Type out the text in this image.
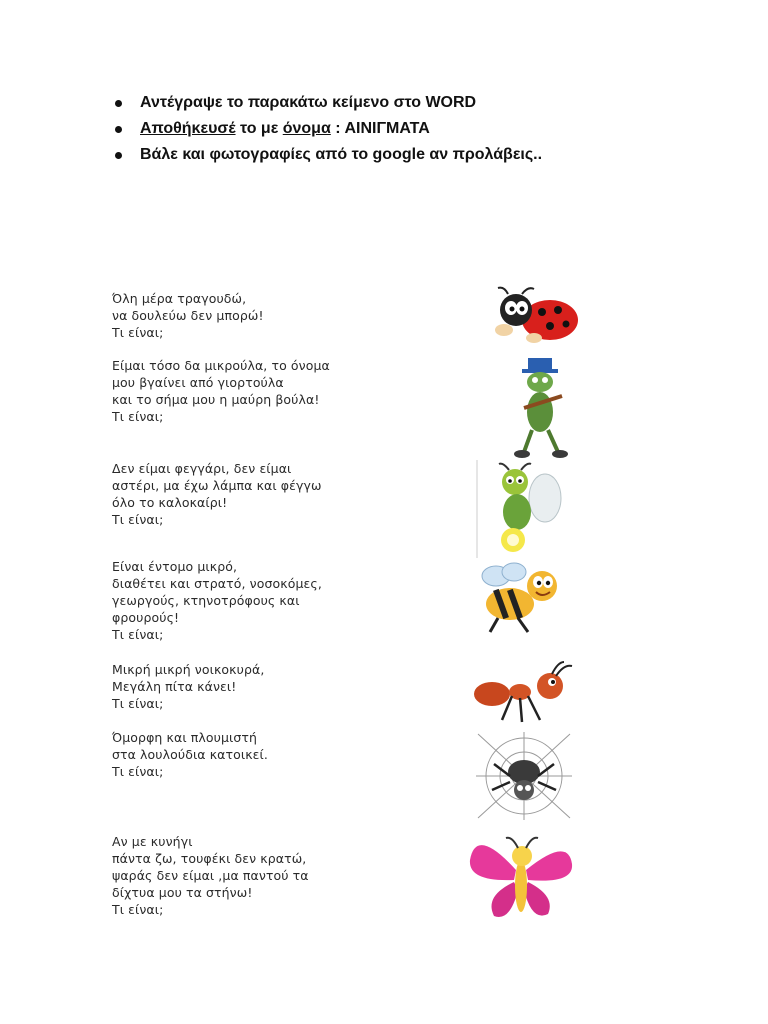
Αντέγραψε το παρακάτω κείμενο στο WORD
Αποθήκευσέ το με όνομα : ΑΙΝΙΓΜΑΤΑ
Βάλε και φωτογραφίες από το google αν προλάβεις..
Όλη μέρα τραγουδώ,
να δουλεύω δεν μπορώ!
Τι είναι;
Είμαι τόσο δα μικρούλα, το όνομα
μου βγαίνει από γιορτούλα
και το σήμα μου η μαύρη βούλα!
Τι είναι;
Δεν είμαι φεγγάρι, δεν είμαι
αστέρι, μα έχω λάμπα και φέγγω
όλο το καλοκαίρι!
Τι είναι;
Είναι έντομο μικρό,
διαθέτει και στρατό, νοσοκόμες,
γεωργούς, κτηνοτρόφους και
φρουρούς!
Τι είναι;
Μικρή μικρή νοικοκυρά,
Μεγάλη πίτα κάνει!
Τι είναι;
Όμορφη και πλουμιστή
στα λουλούδια κατοικεί.
Τι είναι;
Αν με κυνήγι
πάντα ζω, τουφέκι δεν κρατώ,
ψαράς δεν είμαι ,μα παντού τα
δίχτυα μου τα στήνω!
Τι είναι;
